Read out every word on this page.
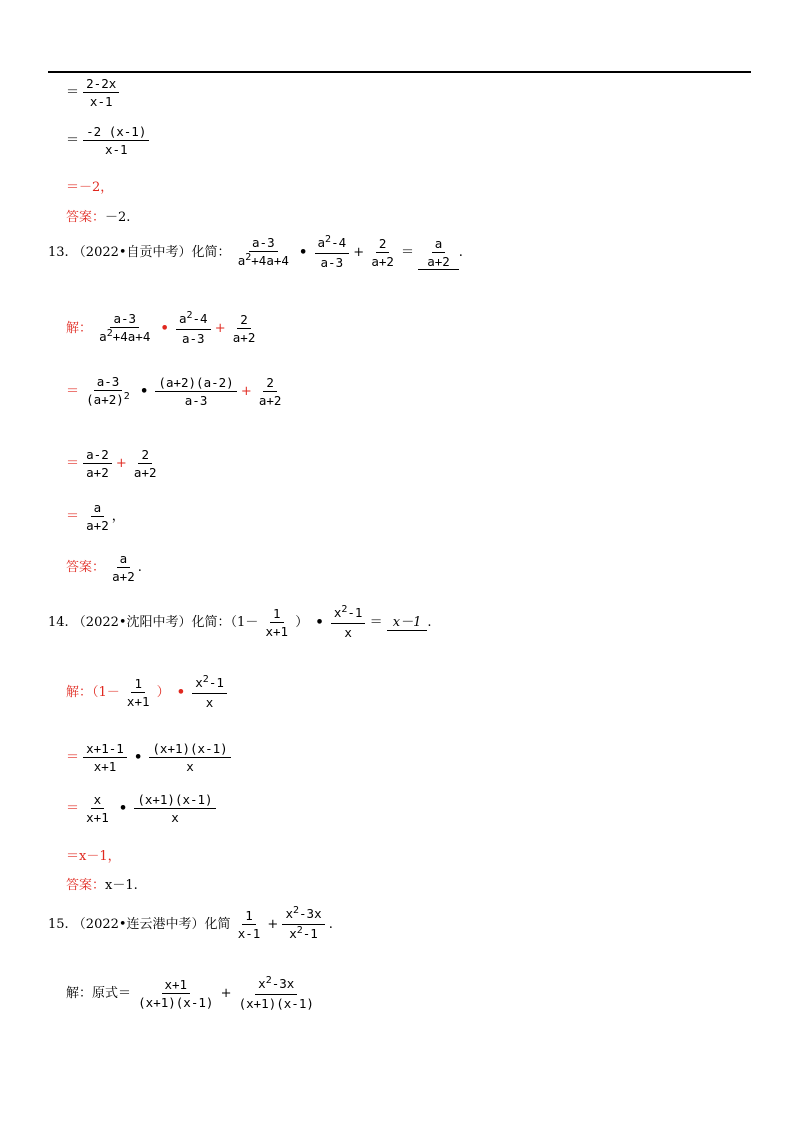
＝ $\frac{2-2x}{x-1}$
＝ $\frac{-2 (x-1)}{x-1}$
＝－2，
答案：－2.
13. （2022•自贡中考）化简： $\frac{a-3}{a^2+4a+4}$ • $\frac{a^2-4}{a-3} + \frac{2}{a+2} = \frac{a}{a+2}$ .
解： $\frac{a-3}{a^2+4a+4}$ • $\frac{a^2-4}{a-3} + \frac{2}{a+2}$
＝ $\frac{a-3}{(a+2)^2}$ • $\frac{(a+2)(a-2)}{a-3} + \frac{2}{a+2}$
＝ $\frac{a-2}{a+2} + \frac{2}{a+2}$
＝ $\frac{a}{a+2}$ ，
答案： $\frac{a}{a+2}$ .
14. （2022•沈阳中考）化简：（$1- \frac{1}{x+1}$ ） • $\frac{x^2-1}{x} = x-1$ .
解：（$1- \frac{1}{x+1}$ ） • $\frac{x^2-1}{x}$
＝ $\frac{x+1-1}{x+1}$ • $\frac{(x+1)(x-1)}{x}$
＝ $\frac{x}{x+1}$ • $\frac{(x+1)(x-1)}{x}$
＝x－1，
答案：x－1.
15. （2022•连云港中考）化简 $\frac{1}{x-1} + \frac{x^2-3x}{x^2-1}$ .
解：原式＝ $\frac{x+1}{(x+1)(x-1)} + \frac{x^2-3x}{(x+1)(x-1)}$
